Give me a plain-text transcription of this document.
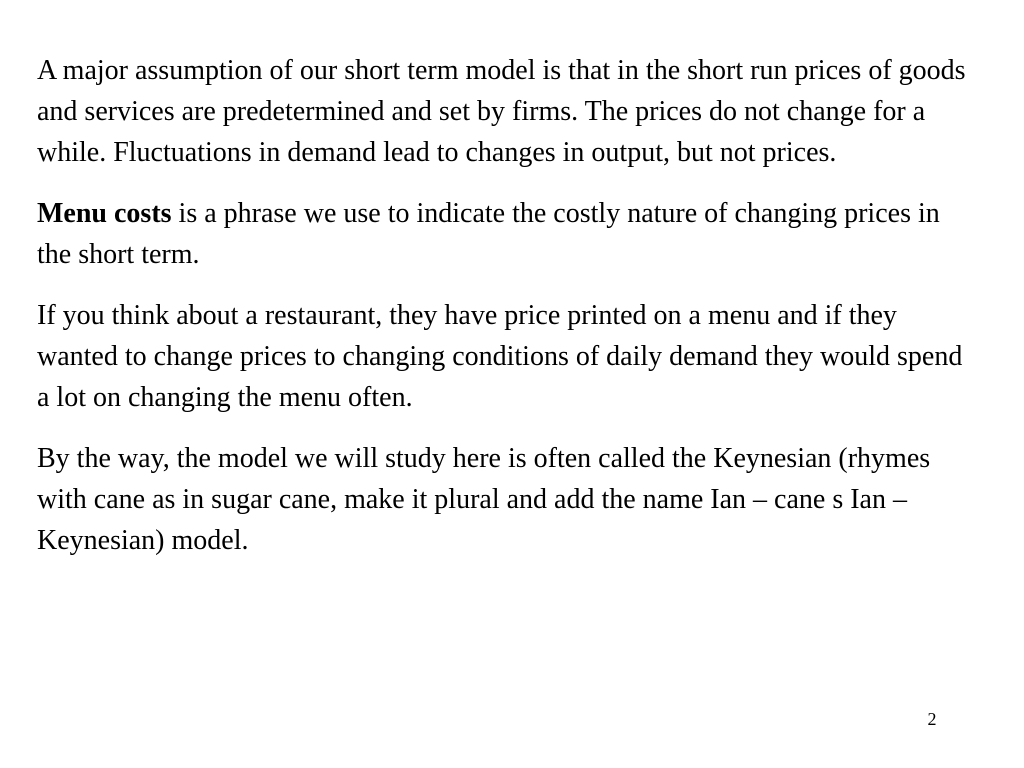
A major assumption of our short term model is that in the short run prices of goods and services are predetermined and set by firms. The prices do not change for a while. Fluctuations in demand lead to changes in output, but not prices.

Menu costs is a phrase we use to indicate the costly nature of changing prices in the short term.

If you think about a restaurant, they have price printed on a menu and if they wanted to change prices to changing conditions of daily demand they would spend a lot on changing the menu often.

By the way, the model we will study here is often called the Keynesian (rhymes with cane as in sugar cane, make it plural and add the name Ian – cane s Ian – Keynesian) model.

2
